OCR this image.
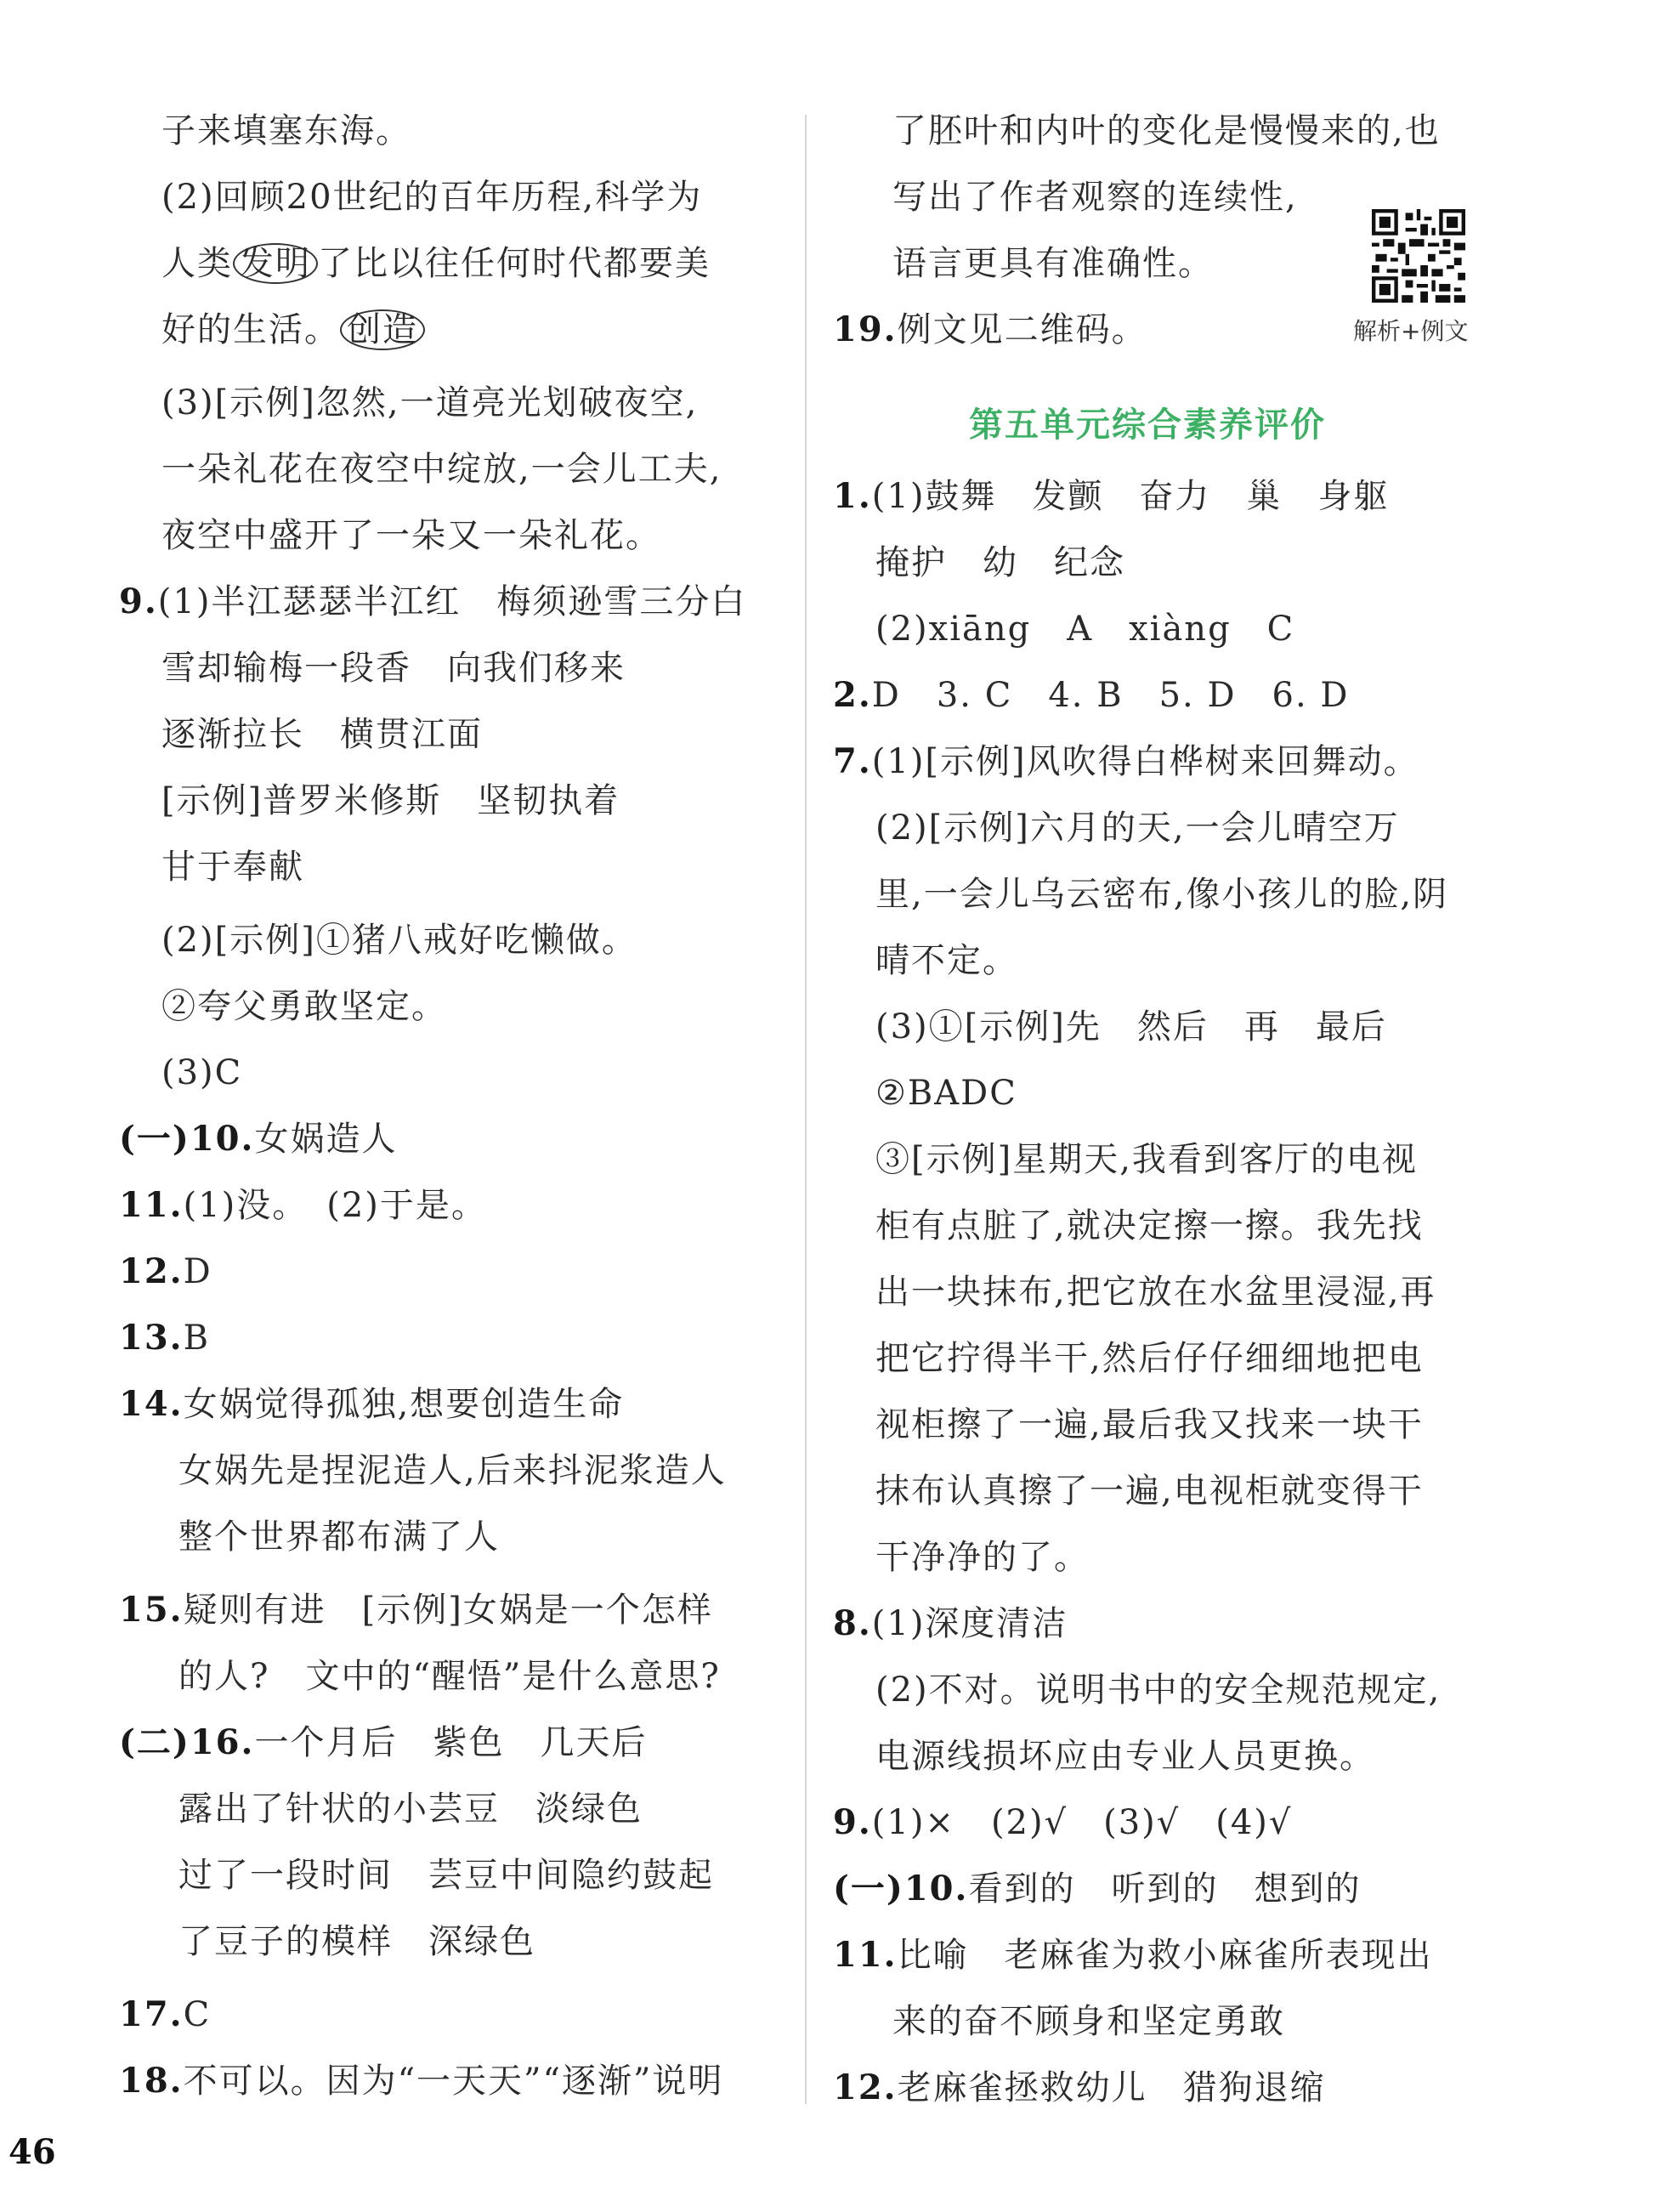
子来填塞东海。
(2)回顾20世纪的百年历程,科学为
人类 发明 了比以往任何时代都要美
好的生活。 创造
(3)[示例]忽然,一道亮光划破夜空,
一朵礼花在夜空中绽放,一会儿工夫,
夜空中盛开了一朵又一朵礼花。
9.(1)半江瑟瑟半江红　梅须逊雪三分白
雪却输梅一段香　向我们移来
逐渐拉长　横贯江面
[示例]普罗米修斯　坚韧执着
甘于奉献
(2)[示例]①猪八戒好吃懒做。
②夸父勇敢坚定。
(3)C
(一)10.女娲造人
11.(1)没。　(2)于是。
12.D
13.B
14.女娲觉得孤独,想要创造生命
女娲先是捏泥造人,后来抖泥浆造人
整个世界都布满了人
15.疑则有进　[示例]女娲是一个怎样
的人?　文中的“醒悟”是什么意思?
(二)16.一个月后　紫色　几天后
露出了针状的小芸豆　淡绿色
过了一段时间　芸豆中间隐约鼓起
了豆子的模样　深绿色
17.C
18.不可以。因为“一天天”“逐渐”说明
了胚叶和内叶的变化是慢慢来的,也
写出了作者观察的连续性,
语言更具有准确性。
19.例文见二维码。
1.(1)鼓舞　发颤　奋力　巢　身躯
掩护　幼　纪念
(2)xiāng　A　xiàng　C
2.D　3. C　4. B　5. D　6. D
7.(1)[示例]风吹得白桦树来回舞动。
(2)[示例]六月的天,一会儿晴空万
里,一会儿乌云密布,像小孩儿的脸,阴
晴不定。
(3)①[示例]先　然后　再　最后
②BADC
③[示例]星期天,我看到客厅的电视
柜有点脏了,就决定擦一擦。我先找
出一块抹布,把它放在水盆里浸湿,再
把它拧得半干,然后仔仔细细地把电
视柜擦了一遍,最后我又找来一块干
抹布认真擦了一遍,电视柜就变得干
干净净的了。
8.(1)深度清洁
(2)不对。说明书中的安全规范规定,
电源线损坏应由专业人员更换。
9.(1)×　(2)√　(3)√　(4)√
(一)10.看到的　听到的　想到的
11.比喻　老麻雀为救小麻雀所表现出
来的奋不顾身和坚定勇敢
12.老麻雀拯救幼儿　猎狗退缩
第五单元综合素养评价
解析+例文
46
